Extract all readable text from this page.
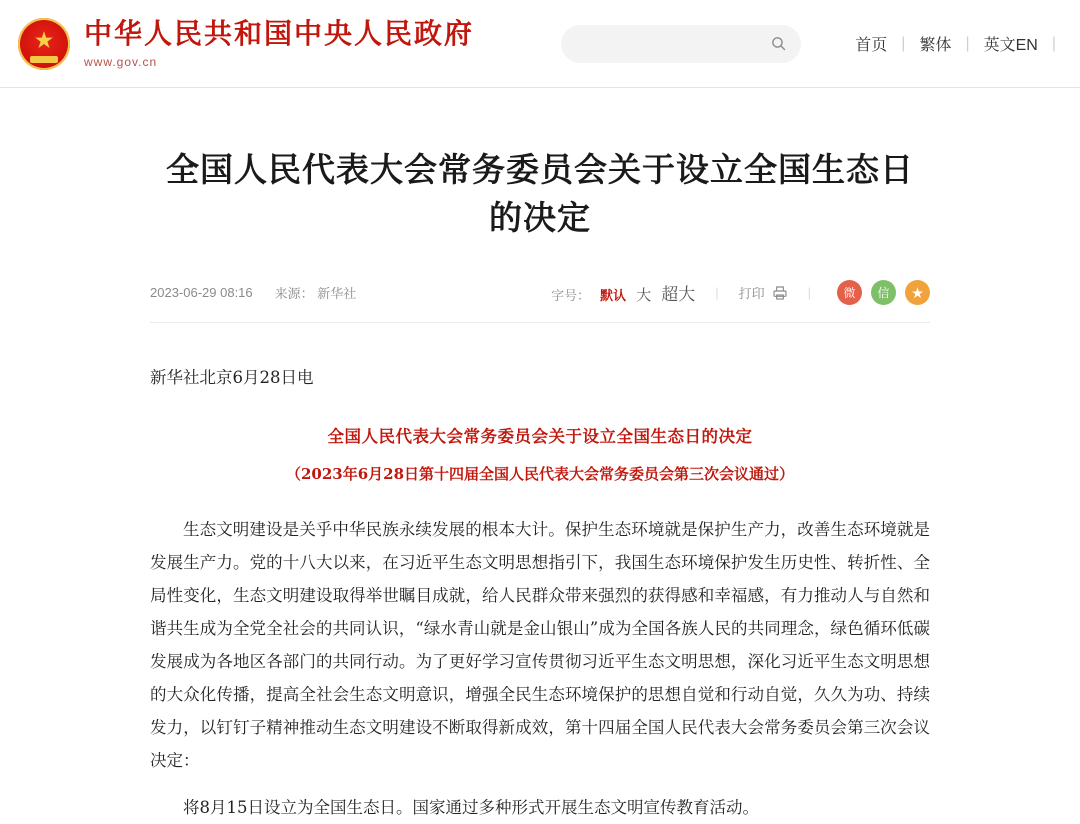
★ 中华人民共和国中央人民政府
www.gov.cn
首页 | 繁体 | 英文EN |
全国人民代表大会常务委员会关于设立全国生态日的决定
2023-06-29 08:16 来源： 新华社	字号： 默认 大 超大	|	打印	|	微	信	★

新华社北京6月28日电

全国人民代表大会常务委员会关于设立全国生态日的决定

（2023年6月28日第十四届全国人民代表大会常务委员会第三次会议通过）

生态文明建设是关乎中华民族永续发展的根本大计。保护生态环境就是保护生产力，改善生态环境就是发展生产力。党的十八大以来，在习近平生态文明思想指引下，我国生态环境保护发生历史性、转折性、全局性变化，生态文明建设取得举世瞩目成就，给人民群众带来强烈的获得感和幸福感，有力推动人与自然和谐共生成为全党全社会的共同认识，“绿水青山就是金山银山”成为全国各族人民的共同理念，绿色循环低碳发展成为各地区各部门的共同行动。为了更好学习宣传贯彻习近平生态文明思想，深化习近平生态文明思想的大众化传播，提高全社会生态文明意识，增强全民生态环境保护的思想自觉和行动自觉，久久为功、持续发力，以钉钉子精神推动生态文明建设不断取得新成效，第十四届全国人民代表大会常务委员会第三次会议决定：

将8月15日设立为全国生态日。国家通过多种形式开展生态文明宣传教育活动。
